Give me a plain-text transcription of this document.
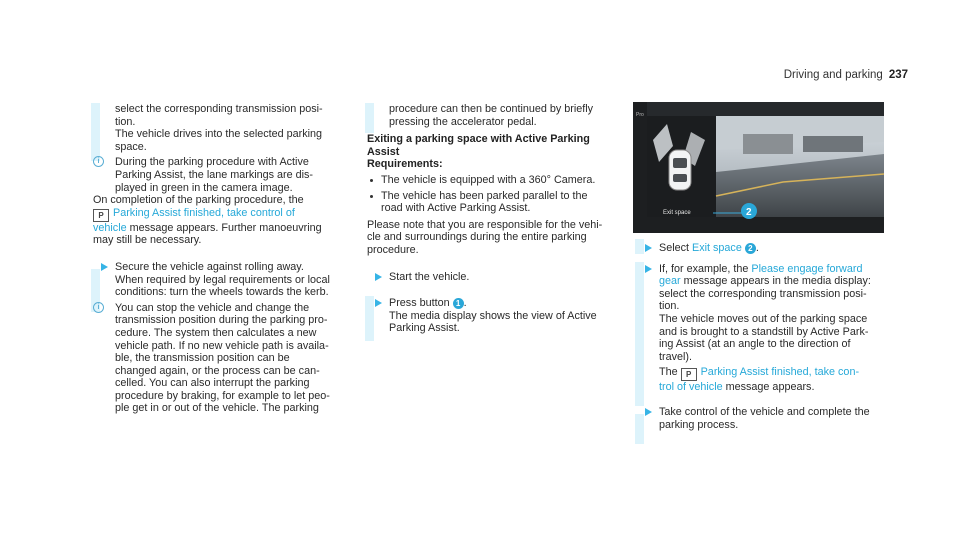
Driving and parking 237

select the corresponding transmission posi-

tion.

The vehicle drives into the selected parking

space.

i	During the parking procedure with Active

Parking Assist, the lane markings are dis-

played in green in the camera image.

On completion of the parking procedure, the

P Parking Assist finished, take control of

vehicle message appears. Further manoeuvring

may still be necessary.

Secure the vehicle against rolling away.

When required by legal requirements or local

conditions: turn the wheels towards the kerb.

i	You can stop the vehicle and change the

transmission position during the parking pro-

cedure. The system then calculates a new

vehicle path. If no new vehicle path is availa-

ble, the transmission position can be

changed again, or the process can be can-

celled. You can also interrupt the parking

procedure by braking, for example to let peo-

ple get in or out of the vehicle. The parking

procedure can then be continued by briefly

pressing the accelerator pedal.

Exiting a parking space with Active Parking

Assist

Requirements:

The vehicle is equipped with a 360° Camera.

The vehicle has been parked parallel to the

road with Active Parking Assist.

Please note that you are responsible for the vehi-

cle and surroundings during the entire parking

procedure.

Start the vehicle.

Press button 1 .

The media display shows the view of Active

Parking Assist.

Pro
Exit space	2

Select Exit space 2 .

If, for example, the Please engage forward

gear message appears in the media display:

select the corresponding transmission posi-

tion.

The vehicle moves out of the parking space

and is brought to a standstill by Active Park-

ing Assist (at an angle to the direction of

travel).

The P Parking Assist finished, take con-

trol of vehicle message appears.

Take control of the vehicle and complete the

parking process.
